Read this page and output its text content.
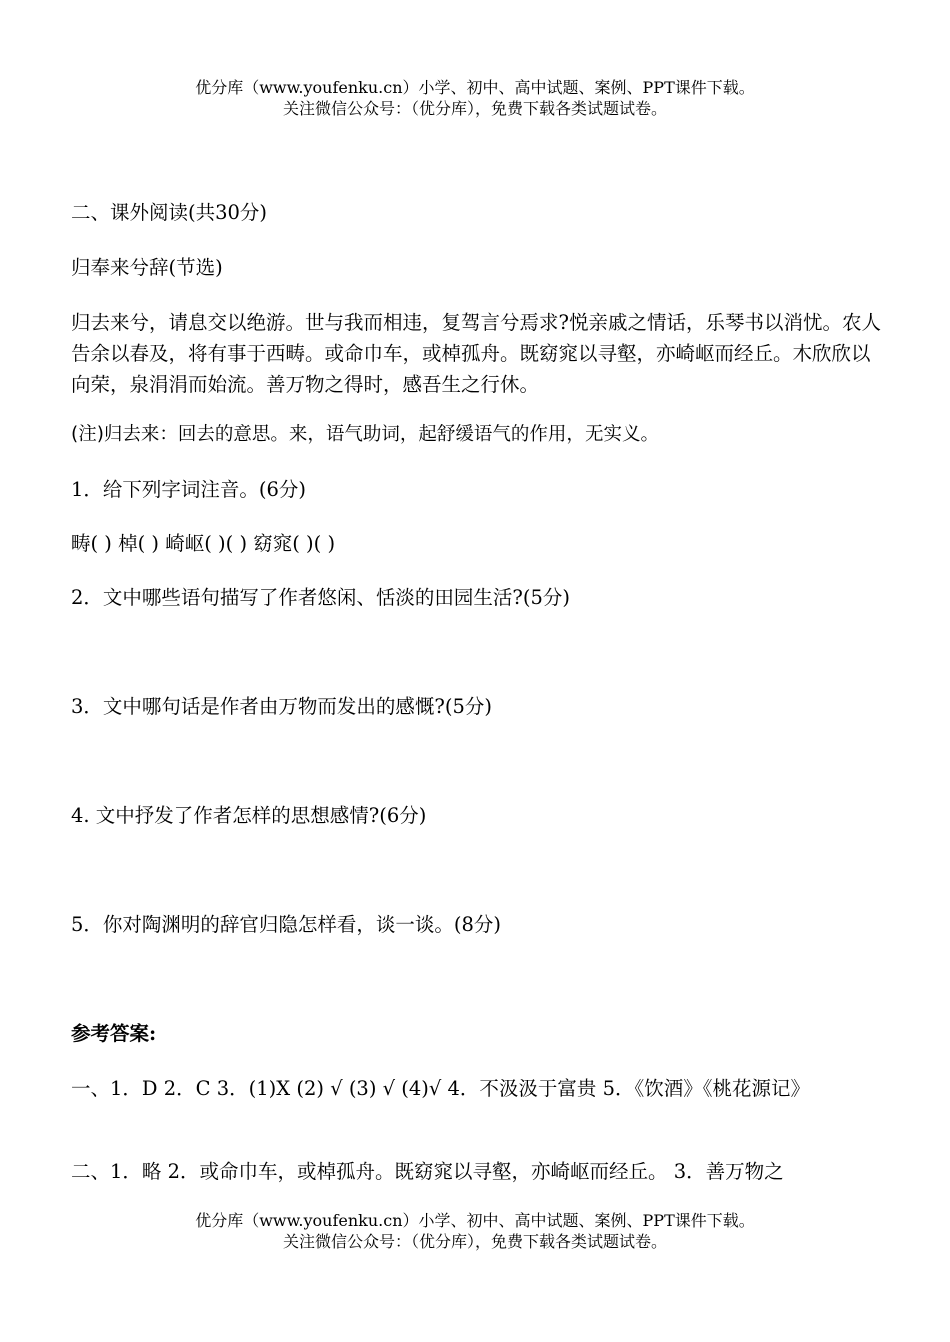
优分库（www.youfenku.cn）小学、初中、高中试题、案例、PPT课件下载。
关注微信公众号：（优分库），免费下载各类试题试卷。
二、课外阅读(共30分)
归奉来兮辞(节选)
归去来兮，请息交以绝游。世与我而相违，复驾言兮焉求?悦亲戚之情话，乐琴书以消忧。农人告余以春及，将有事于西畴。或命巾车，或棹孤舟。既窈窕以寻壑，亦崎岖而经丘。木欣欣以向荣，泉涓涓而始流。善万物之得时，感吾生之行休。
(注)归去来：回去的意思。来，语气助词，起舒缓语气的作用，无实义。
1．给下列字词注音。(6分)
畴( ) 棹( ) 崎岖( )( ) 窈窕( )( )
2．文中哪些语句描写了作者悠闲、恬淡的田园生活?(5分)
3．文中哪句话是作者由万物而发出的感慨?(5分)
4. 文中抒发了作者怎样的思想感情?(6分)
5．你对陶渊明的辞官归隐怎样看，谈一谈。(8分)
参考答案:
一、1．D 2．C 3．(1)X (2) √ (3) √ (4)√ 4．不汲汲于富贵 5．《饮酒》《桃花源记》
二、1．略 2．或命巾车，或棹孤舟。既窈窕以寻壑，亦崎岖而经丘。 3．善万物之
优分库（www.youfenku.cn）小学、初中、高中试题、案例、PPT课件下载。
关注微信公众号：（优分库），免费下载各类试题试卷。
